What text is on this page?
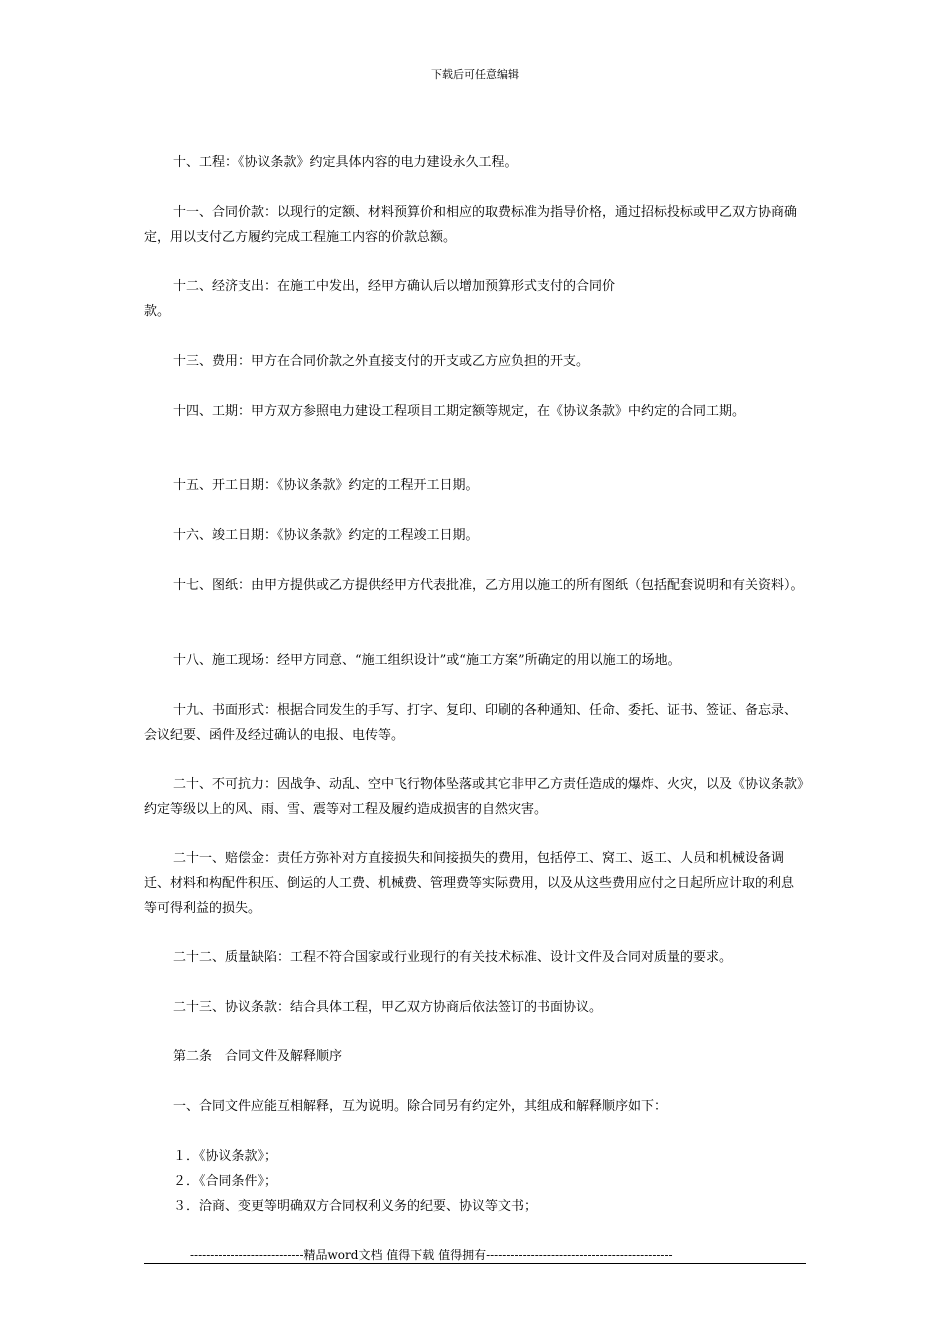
下载后可任意编辑

十、工程：《协议条款》约定具体内容的电力建设永久工程。

十一、合同价款：以现行的定额、材料预算价和相应的取费标准为指导价格，通过招标投标或甲乙双方协商确定，用以支付乙方履约完成工程施工内容的价款总额。

十二、经济支出：在施工中发出，经甲方确认后以增加预算形式支付的合同价

款。

十三、费用：甲方在合同价款之外直接支付的开支或乙方应负担的开支。

十四、工期：甲方双方参照电力建设工程项目工期定额等规定，在《协议条款》中约定的合同工期。

十五、开工日期：《协议条款》约定的工程开工日期。

十六、竣工日期：《协议条款》约定的工程竣工日期。

十七、图纸：由甲方提供或乙方提供经甲方代表批准，乙方用以施工的所有图纸（包括配套说明和有关资料）。

十八、施工现场：经甲方同意、“施工组织设计”或“施工方案”所确定的用以施工的场地。

十九、书面形式：根据合同发生的手写、打字、复印、印刷的各种通知、任命、委托、证书、签证、备忘录、会议纪要、函件及经过确认的电报、电传等。

二十、不可抗力：因战争、动乱、空中飞行物体坠落或其它非甲乙方责任造成的爆炸、火灾，以及《协议条款》约定等级以上的风、雨、雪、震等对工程及履约造成损害的自然灾害。

二十一、赔偿金：责任方弥补对方直接损失和间接损失的费用，包括停工、窝工、返工、人员和机械设备调迁、材料和构配件积压、倒运的人工费、机械费、管理费等实际费用，以及从这些费用应付之日起所应计取的利息等可得利益的损失。

二十二、质量缺陷：工程不符合国家或行业现行的有关技术标准、设计文件及合同对质量的要求。

二十三、协议条款：结合具体工程，甲乙双方协商后依法签订的书面协议。

第二条　合同文件及解释顺序

一、合同文件应能互相解释，互为说明。除合同另有约定外，其组成和解释顺序如下：

１．《协议条款》；

２．《合同条件》；

３．洽商、变更等明确双方合同权利义务的纪要、协议等文书；

----------------------------精品word文档 值得下载 值得拥有----------------------------------------------
